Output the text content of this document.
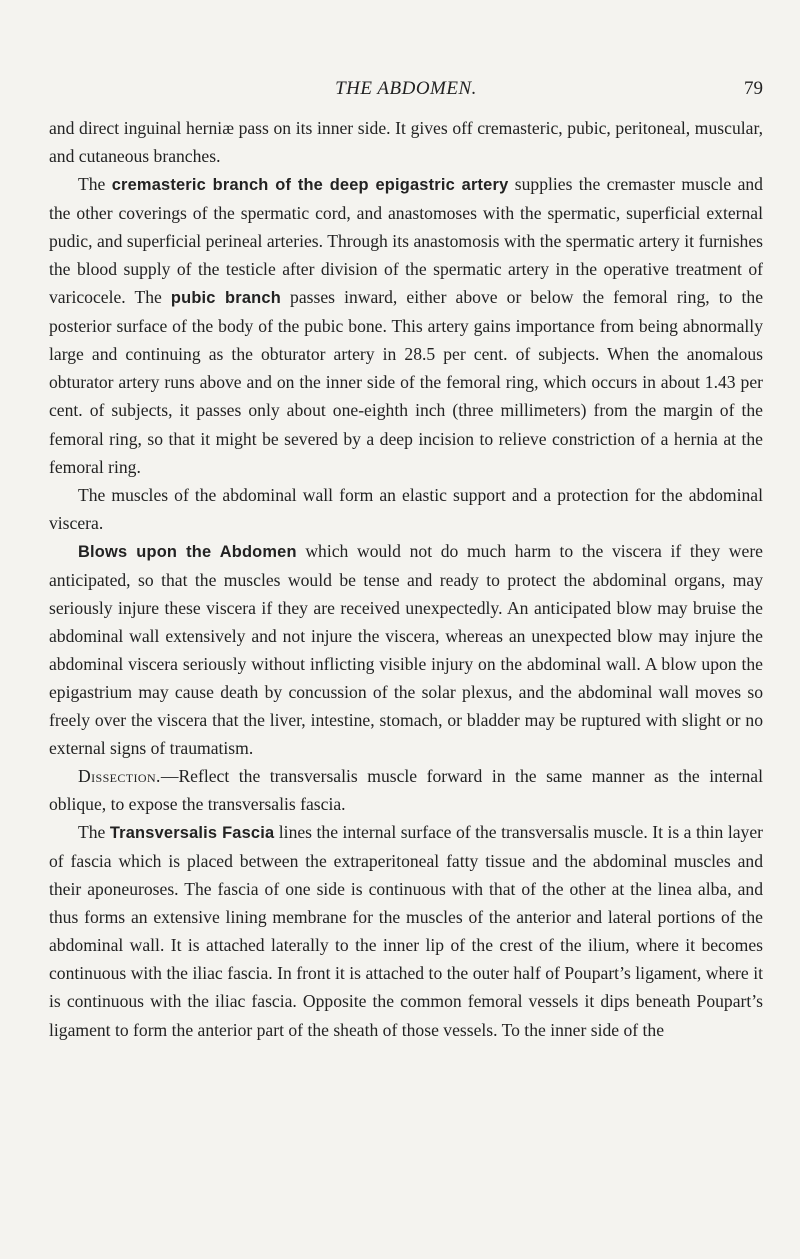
THE ABDOMEN.	79

and direct inguinal herniæ pass on its inner side. It gives off cremasteric, pubic, peritoneal, muscular, and cutaneous branches.

The cremasteric branch of the deep epigastric artery supplies the cremaster muscle and the other coverings of the spermatic cord, and anastomoses with the spermatic, superficial external pudic, and superficial perineal arteries. Through its anastomosis with the spermatic artery it furnishes the blood supply of the testicle after division of the spermatic artery in the operative treatment of varicocele. The pubic branch passes inward, either above or below the femoral ring, to the posterior surface of the body of the pubic bone. This artery gains importance from being abnormally large and continuing as the obturator artery in 28.5 per cent. of subjects. When the anomalous obturator artery runs above and on the inner side of the femoral ring, which occurs in about 1.43 per cent. of subjects, it passes only about one-eighth inch (three millimeters) from the margin of the femoral ring, so that it might be severed by a deep incision to relieve constriction of a hernia at the femoral ring.

The muscles of the abdominal wall form an elastic support and a protection for the abdominal viscera.

Blows upon the Abdomen which would not do much harm to the viscera if they were anticipated, so that the muscles would be tense and ready to protect the abdominal organs, may seriously injure these viscera if they are received unexpectedly. An anticipated blow may bruise the abdominal wall extensively and not injure the viscera, whereas an unexpected blow may injure the abdominal viscera seriously without inflicting visible injury on the abdominal wall. A blow upon the epigastrium may cause death by concussion of the solar plexus, and the abdominal wall moves so freely over the viscera that the liver, intestine, stomach, or bladder may be ruptured with slight or no external signs of traumatism.

Dissection.—Reflect the transversalis muscle forward in the same manner as the internal oblique, to expose the transversalis fascia.

The Transversalis Fascia lines the internal surface of the transversalis muscle. It is a thin layer of fascia which is placed between the extraperitoneal fatty tissue and the abdominal muscles and their aponeuroses. The fascia of one side is continuous with that of the other at the linea alba, and thus forms an extensive lining membrane for the muscles of the anterior and lateral portions of the abdominal wall. It is attached laterally to the inner lip of the crest of the ilium, where it becomes continuous with the iliac fascia. In front it is attached to the outer half of Poupart’s ligament, where it is continuous with the iliac fascia. Opposite the common femoral vessels it dips beneath Poupart’s ligament to form the anterior part of the sheath of those vessels. To the inner side of the
